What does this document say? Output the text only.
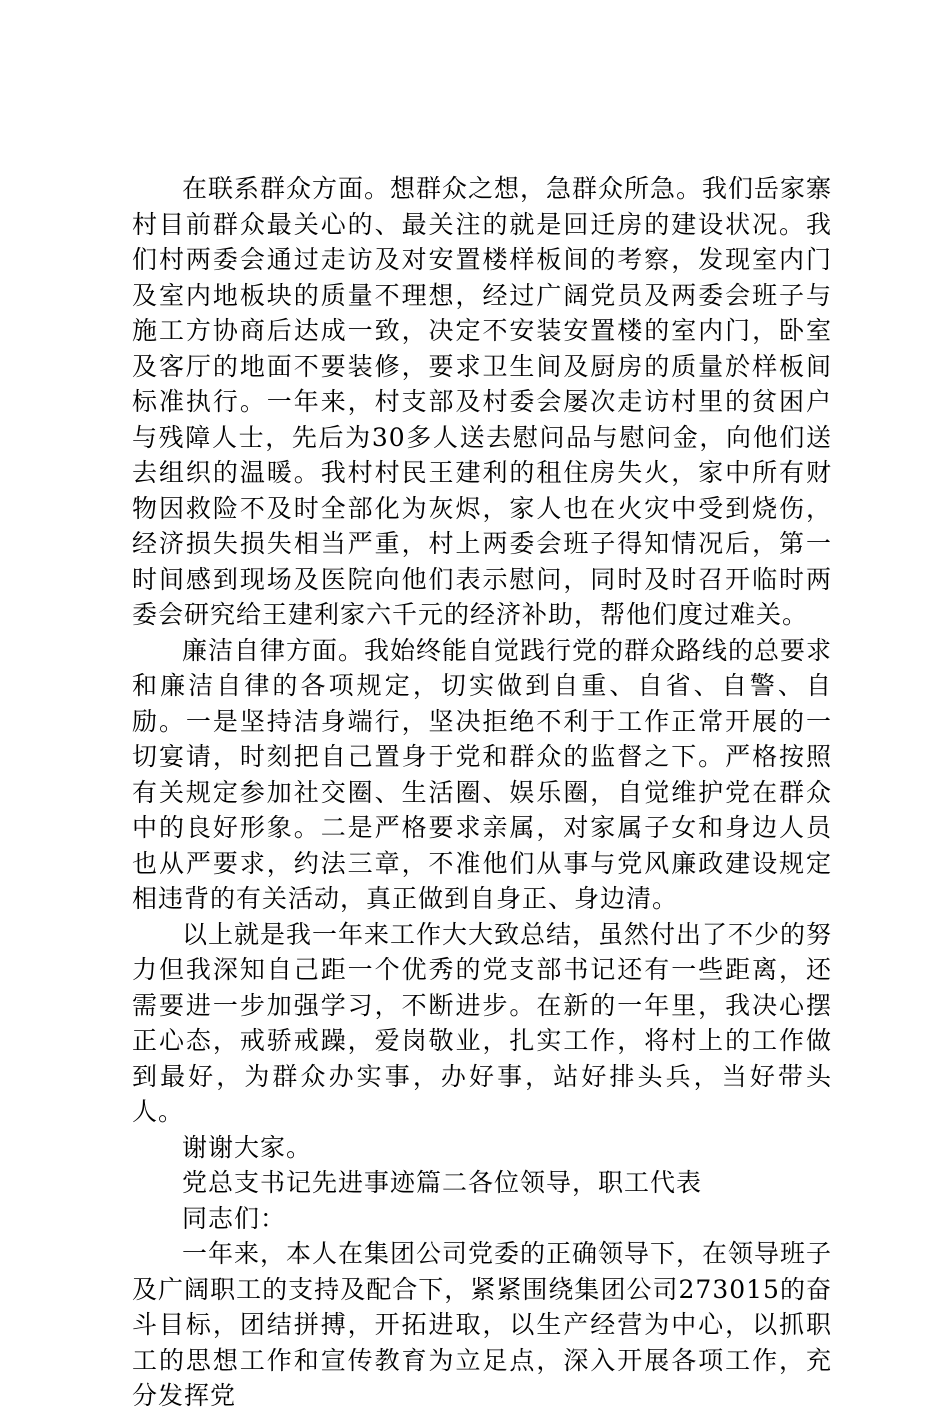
在联系群众方面。想群众之想，急群众所急。我们岳家寨村目前群众最关心的、最关注的就是回迁房的建设状况。我们村两委会通过走访及对安置楼样板间的考察，发现室内门及室内地板块的质量不理想，经过广阔党员及两委会班子与施工方协商后达成一致，决定不安装安置楼的室内门，卧室及客厅的地面不要装修，要求卫生间及厨房的质量於样板间标准执行。一年来，村支部及村委会屡次走访村里的贫困户与残障人士，先后为30多人送去慰问品与慰问金，向他们送去组织的温暖。我村村民王建利的租住房失火，家中所有财物因救险不及时全部化为灰烬，家人也在火灾中受到烧伤，经济损失损失相当严重，村上两委会班子得知情况后，第一时间感到现场及医院向他们表示慰问，同时及时召开临时两委会研究给王建利家六千元的经济补助，帮他们度过难关。

廉洁自律方面。我始终能自觉践行党的群众路线的总要求和廉洁自律的各项规定，切实做到自重、自省、自警、自励。一是坚持洁身端行，坚决拒绝不利于工作正常开展的一切宴请，时刻把自己置身于党和群众的监督之下。严格按照有关规定参加社交圈、生活圈、娱乐圈，自觉维护党在群众中的良好形象。二是严格要求亲属，对家属子女和身边人员也从严要求，约法三章，不准他们从事与党风廉政建设规定相违背的有关活动，真正做到自身正、身边清。

以上就是我一年来工作大大致总结，虽然付出了不少的努力但我深知自己距一个优秀的党支部书记还有一些距离，还需要进一步加强学习，不断进步。在新的一年里，我决心摆正心态，戒骄戒躁，爱岗敬业，扎实工作，将村上的工作做到最好，为群众办实事，办好事，站好排头兵，当好带头人。

谢谢大家。

党总支书记先进事迹篇二各位领导，职工代表

同志们：

一年来，本人在集团公司党委的正确领导下，在领导班子及广阔职工的支持及配合下，紧紧围绕集团公司273015的奋斗目标，团结拼搏，开拓进取，以生产经营为中心，以抓职工的思想工作和宣传教育为立足点，深入开展各项工作，充分发挥党
